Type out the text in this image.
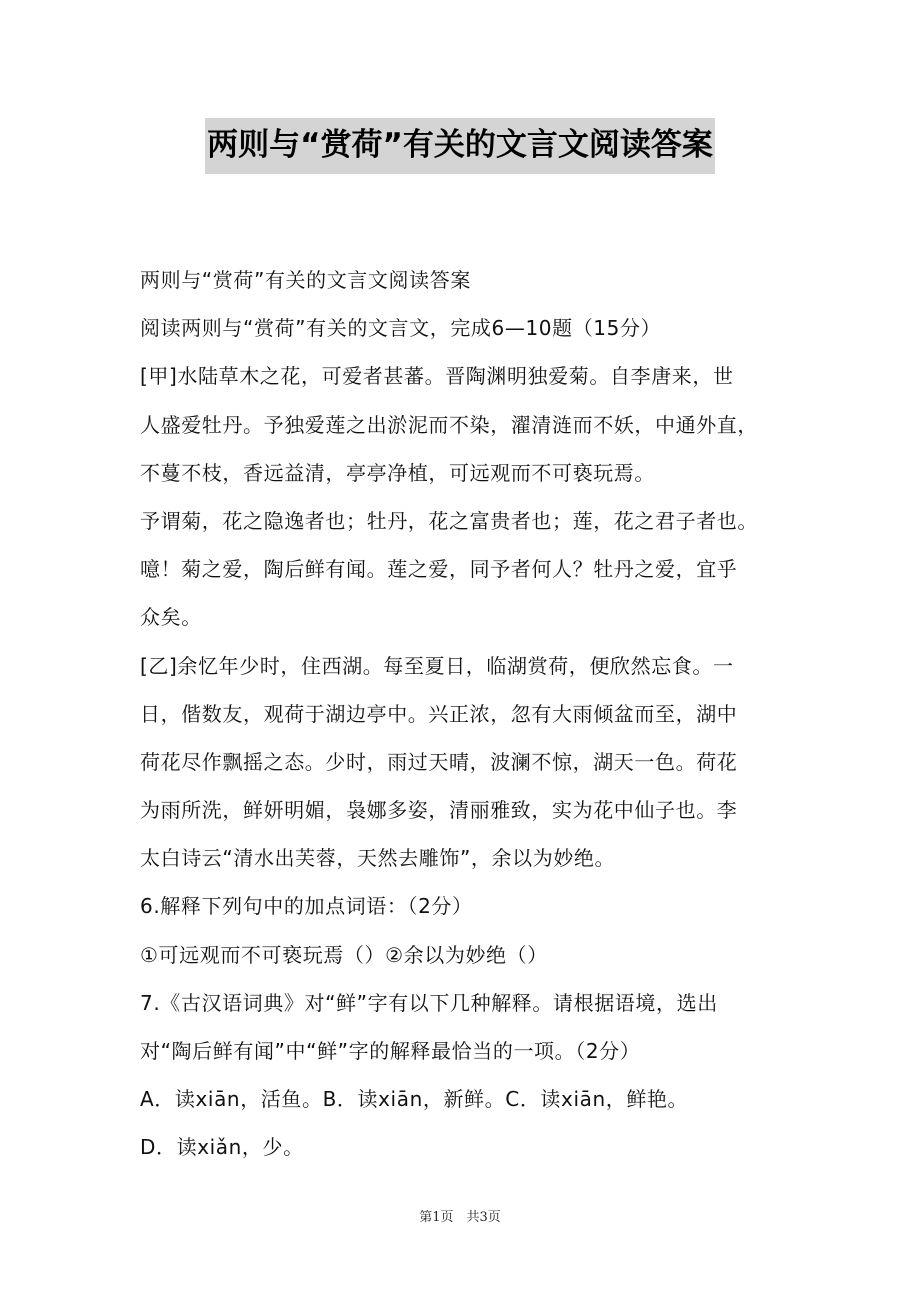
两则与“赏荷”有关的文言文阅读答案
两则与“赏荷”有关的文言文阅读答案
阅读两则与“赏荷”有关的文言文，完成6—10题（15分）
[甲]水陆草木之花，可爱者甚蕃。晋陶渊明独爱菊。自李唐来，世
人盛爱牡丹。予独爱莲之出淤泥而不染，濯清涟而不妖，中通外直，
不蔓不枝，香远益清，亭亭净植，可远观而不可亵玩焉。
予谓菊，花之隐逸者也；牡丹，花之富贵者也；莲，花之君子者也。
噫！菊之爱，陶后鲜有闻。莲之爱，同予者何人？牡丹之爱，宜乎
众矣。
[乙]余忆年少时，住西湖。每至夏日，临湖赏荷，便欣然忘食。一
日，偕数友，观荷于湖边亭中。兴正浓，忽有大雨倾盆而至，湖中
荷花尽作飘摇之态。少时，雨过天晴，波澜不惊，湖天一色。荷花
为雨所洗，鲜妍明媚，袅娜多姿，清丽雅致，实为花中仙子也。李
太白诗云“清水出芙蓉，天然去雕饰”，余以为妙绝。
6.解释下列句中的加点词语：（2分）
①可远观而不可亵玩焉（）②余以为妙绝（）
7.《古汉语词典》对“鲜”字有以下几种解释。请根据语境，选出
对“陶后鲜有闻”中“鲜”字的解释最恰当的一项。（2分）
A．读xiān，活鱼。B．读xiān，新鲜。C．读xiān，鲜艳。
D．读xiǎn，少。
第1页　共3页
